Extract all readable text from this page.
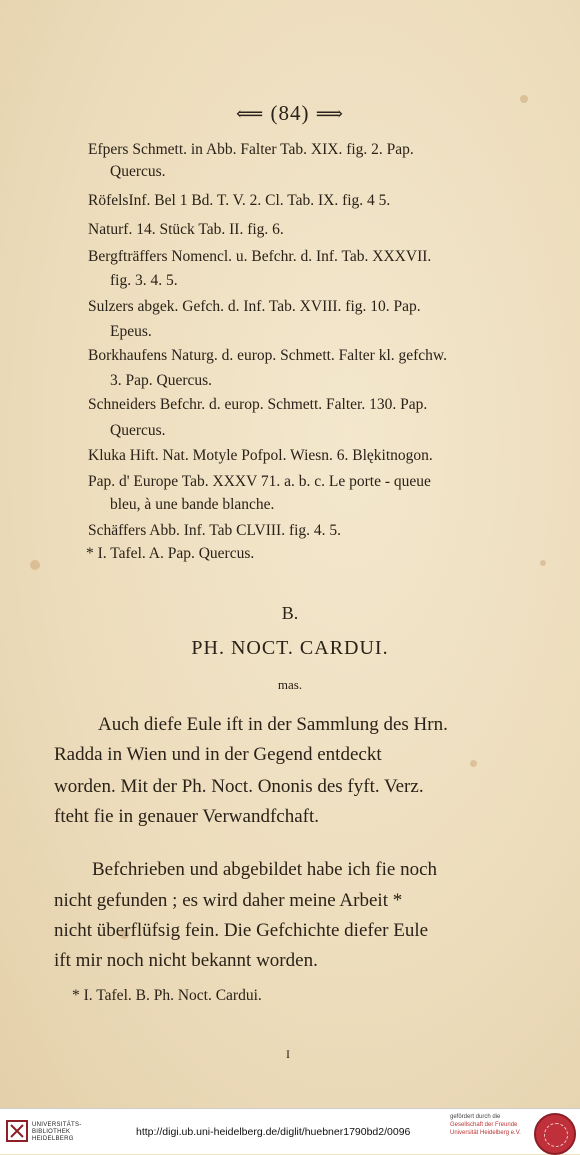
⟸ (84) ⟹
Efpers Schmett. in Abb. Falter Tab. XIX. fig. 2. Pap.
Quercus.
RöfelsInf. Bel 1 Bd. T. V. 2. Cl. Tab. IX. fig. 4 5.
Naturf. 14. Stück Tab. II. fig. 6.
Bergfträffers Nomencl. u. Befchr. d. Inf. Tab. XXXVII.
fig. 3. 4. 5.
Sulzers abgek. Gefch. d. Inf. Tab. XVIII. fig. 10. Pap.
Epeus.
Borkhaufens Naturg. d. europ. Schmett. Falter kl. gefchw.
3. Pap. Quercus.
Schneiders Befchr. d. europ. Schmett. Falter. 130. Pap.
Quercus.
Kluka Hift. Nat. Motyle Pofpol. Wiesn. 6. Blękitnogon.
Pap. d' Europe Tab. XXXV 71. a. b. c. Le porte - queue
bleu, à une bande blanche.
Schäffers Abb. Inf. Tab CLVIII. fig. 4. 5.
* I. Tafel. A. Pap. Quercus.
B.
PH. NOCT. CARDUI.
mas.
Auch diefe Eule ift in der Sammlung des Hrn.
Radda in Wien und in der Gegend entdeckt
worden. Mit der Ph. Noct. Ononis des fyft. Verz.
fteht fie in genauer Verwandfchaft.
Befchrieben und abgebildet habe ich fie noch
nicht gefunden ; es wird daher meine Arbeit *
nicht überflüfsig fein. Die Gefchichte diefer Eule
ift mir noch nicht bekannt worden.
* I. Tafel. B. Ph. Noct. Cardui.
I
UNIVERSITÄTS-
BIBLIOTHEK
HEIDELBERG
http://digi.ub.uni-heidelberg.de/diglit/huebner1790bd2/0096
gefördert durch die
Gesellschaft der Freunde
Universität Heidelberg e.V.
